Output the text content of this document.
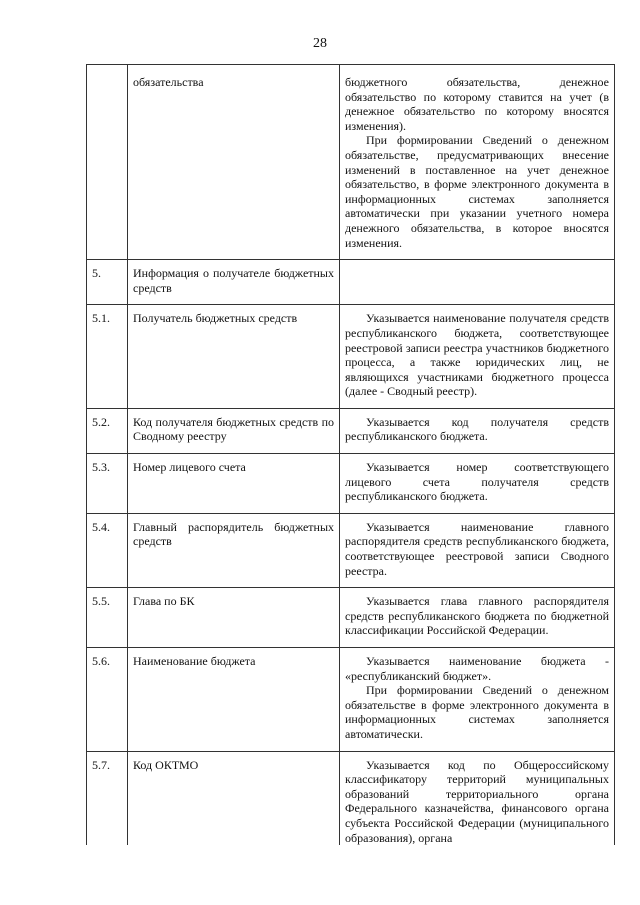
28
	обязательства	бюджетного обязательства, денежное обязательство по которому ставится на учет (в денежное обязательство по которому вносятся изменения).

При формировании Сведений о денежном обязательстве, предусматривающих внесение изменений в поставленное на учет денежное обязательство, в форме электронного документа в информационных системах заполняется автоматически при указании учетного номера денежного обязательства, в которое вносятся изменения.

5.	Информация о получателе бюджетных средств	
5.1.	Получатель бюджетных средств	Указывается наименование получателя средств республиканского бюджета, соответствующее реестровой записи реестра участников бюджетного процесса, а также юридических лиц, не являющихся участниками бюджетного процесса (далее - Сводный реестр).

5.2.	Код получателя бюджетных средств по Сводному реестру	Указывается код получателя средств республиканского бюджета.

5.3.	Номер лицевого счета	Указывается номер соответствующего лицевого счета получателя средств республиканского бюджета.

5.4.	Главный распорядитель бюджетных средств	Указывается наименование главного распорядителя средств республиканского бюджета, соответствующее реестровой записи Сводного реестра.

5.5.	Глава по БК	Указывается глава главного распорядителя средств республиканского бюджета по бюджетной классификации Российской Федерации.

5.6.	Наименование бюджета	Указывается наименование бюджета - «республиканский бюджет».

При формировании Сведений о денежном обязательстве в форме электронного документа в информационных системах заполняется автоматически.

5.7.	Код ОКТМО	Указывается код по Общероссийскому классификатору территорий муниципальных образований территориального органа Федерального казначейства, финансового органа субъекта Российской Федерации (муниципального образования), органа
